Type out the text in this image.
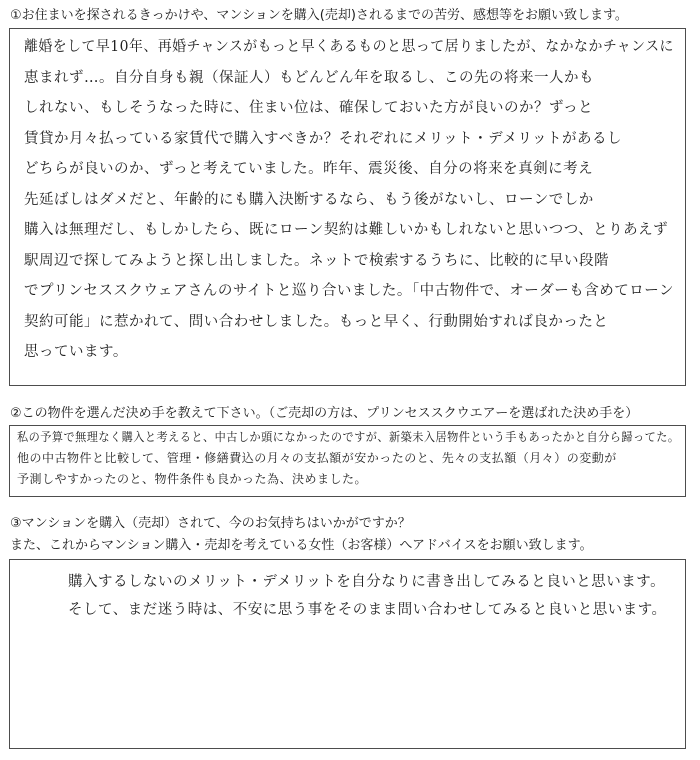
①お住まいを探されるきっかけや、マンションを購入(売却)されるまでの苦労、感想等をお願い致します。
離婚をして早10年、再婚チャンスがもっと早くあるものと思って居りましたが、なかなかチャンスに
恵まれず…。自分自身も親（保証人）もどんどん年を取るし、この先の将来一人かも
しれない、もしそうなった時に、住まい位は、確保しておいた方が良いのか？ずっと
賃貸か月々払っている家賃代で購入すべきか？それぞれにメリット・デメリットがあるし
どちらが良いのか、ずっと考えていました。昨年、震災後、自分の将来を真剣に考え
先延ばしはダメだと、年齢的にも購入決断するなら、もう後がないし、ローンでしか
購入は無理だし、もしかしたら、既にローン契約は難しいかもしれないと思いつつ、とりあえず
駅周辺で探してみようと探し出しました。ネットで検索するうちに、比較的に早い段階
でプリンセススクウェアさんのサイトと巡り合いました。「中古物件で、オーダーも含めてローン
契約可能」に惹かれて、問い合わせしました。もっと早く、行動開始すれば良かったと
思っています。
②この物件を選んだ決め手を教えて下さい。（ご売却の方は、プリンセススクウエアーを選ばれた決め手を）
私の予算で無理なく購入と考えると、中古しか頭になかったのですが、新築未入居物件という手もあったかと自分ら歸ってた。
他の中古物件と比較して、管理・修繕費込の月々の支払額が安かったのと、先々の支払額（月々）の変動が
予測しやすかったのと、物件条件も良かった為、決めました。
③マンションを購入（売却）されて、今のお気持ちはいかがですか？
また、これからマンション購入・売却を考えている女性（お客様）へアドバイスをお願い致します。
購入するしないのメリット・デメリットを自分なりに書き出してみると良いと思います。
そして、まだ迷う時は、不安に思う事をそのまま問い合わせしてみると良いと思います。
